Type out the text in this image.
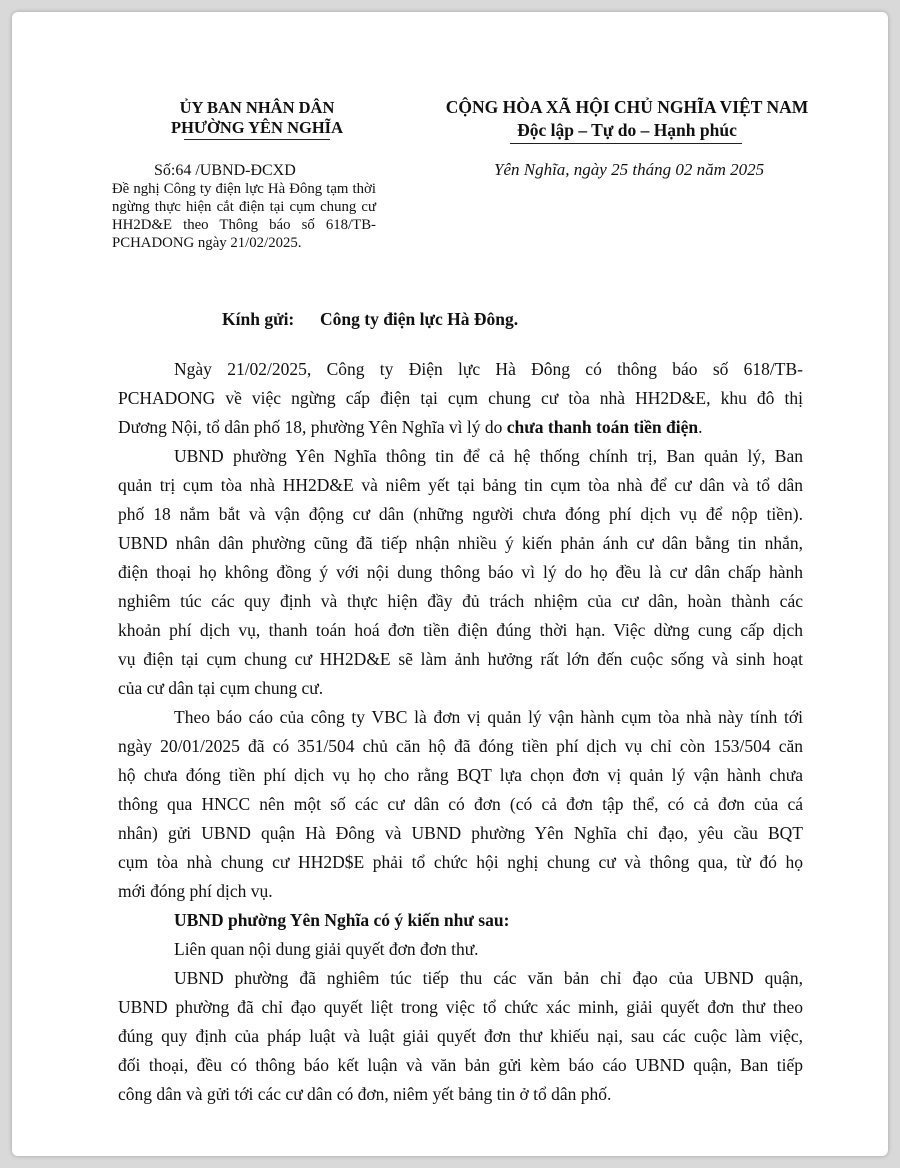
ỦY BAN NHÂN DÂN
PHƯỜNG YÊN NGHĨA
CỘNG HÒA XÃ HỘI CHỦ NGHĨA VIỆT NAM
Độc lập – Tự do – Hạnh phúc
Số:64 /UBND-ĐCXD
Đề nghị Công ty điện lực Hà Đông tạm thời ngừng thực hiện cắt điện tại cụm chung cư HH2D&E theo Thông báo số 618/TB-PCHADONG ngày 21/02/2025.
Yên Nghĩa, ngày 25 tháng 02 năm 2025
Kính gửi: Công ty điện lực Hà Đông.
Ngày 21/02/2025, Công ty Điện lực Hà Đông có thông báo số 618/TB-
PCHADONG về việc ngừng cấp điện tại cụm chung cư tòa nhà HH2D&E, khu đô thị
Dương Nội, tổ dân phố 18, phường Yên Nghĩa vì lý do chưa thanh toán tiền điện.
UBND phường Yên Nghĩa thông tin để cả hệ thống chính trị, Ban quản lý, Ban
quản trị cụm tòa nhà HH2D&E và niêm yết tại bảng tin cụm tòa nhà để cư dân và tổ dân
phố 18 nắm bắt và vận động cư dân (những người chưa đóng phí dịch vụ để nộp tiền).
UBND nhân dân phường cũng đã tiếp nhận nhiều ý kiến phản ánh cư dân bằng tin nhắn,
điện thoại họ không đồng ý với nội dung thông báo vì lý do họ đều là cư dân chấp hành
nghiêm túc các quy định và thực hiện đầy đủ trách nhiệm của cư dân, hoàn thành các
khoản phí dịch vụ, thanh toán hoá đơn tiền điện đúng thời hạn. Việc dừng cung cấp dịch
vụ điện tại cụm chung cư HH2D&E sẽ làm ảnh hưởng rất lớn đến cuộc sống và sinh hoạt
của cư dân tại cụm chung cư.
Theo báo cáo của công ty VBC là đơn vị quản lý vận hành cụm tòa nhà này tính tới
ngày 20/01/2025 đã có 351/504 chủ căn hộ đã đóng tiền phí dịch vụ chỉ còn 153/504 căn
hộ chưa đóng tiền phí dịch vụ họ cho rằng BQT lựa chọn đơn vị quản lý vận hành chưa
thông qua HNCC nên một số các cư dân có đơn (có cả đơn tập thể, có cả đơn của cá
nhân) gửi UBND quận Hà Đông và UBND phường Yên Nghĩa chỉ đạo, yêu cầu BQT
cụm tòa nhà chung cư HH2D$E phải tổ chức hội nghị chung cư và thông qua, từ đó họ
mới đóng phí dịch vụ.
UBND phường Yên Nghĩa có ý kiến như sau:
Liên quan nội dung giải quyết đơn đơn thư.
UBND phường đã nghiêm túc tiếp thu các văn bản chỉ đạo của UBND quận,
UBND phường đã chỉ đạo quyết liệt trong việc tổ chức xác minh, giải quyết đơn thư theo
đúng quy định của pháp luật và luật giải quyết đơn thư khiếu nại, sau các cuộc làm việc,
đối thoại, đều có thông báo kết luận và văn bản gửi kèm báo cáo UBND quận, Ban tiếp
công dân và gửi tới các cư dân có đơn, niêm yết bảng tin ở tổ dân phố.
